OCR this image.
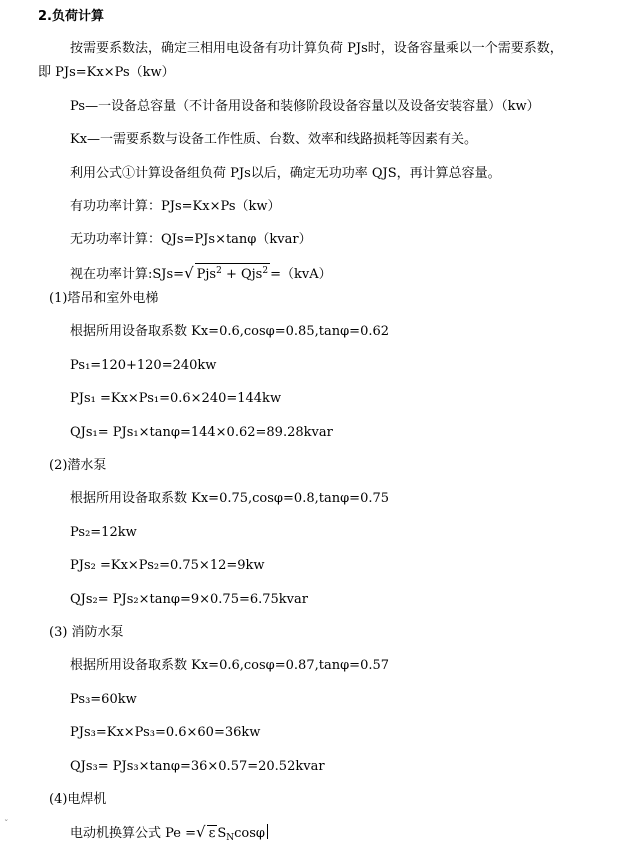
2.负荷计算
按需要系数法，确定三相用电设备有功计算负荷 PJs时，设备容量乘以一个需要系数，
即 PJs=Kx×Ps（kw）
Ps—一设备总容量（不计备用设备和装修阶段设备容量以及设备安装容量）（kw）
Kx—一需要系数与设备工作性质、台数、效率和线路损耗等因素有关。
利用公式①计算设备组负荷 PJs以后，确定无功功率 QJS，再计算总容量。
有功功率计算：PJs=Kx×Ps（kw）
无功功率计算：QJs=PJs×tanφ（kvar）
视在功率计算:SJs=√ Pjs$^2$ + Qjs$^2$ =（kvA）
(1)塔吊和室外电梯
根据所用设备取系数 Kx=0.6,cosφ=0.85,tanφ=0.62
Ps₁=120+120=240kw
PJs₁ =Kx×Ps₁=0.6×240=144kw
QJs₁= PJs₁×tanφ=144×0.62=89.28kvar
(2)潜水泵
根据所用设备取系数 Kx=0.75,cosφ=0.8,tanφ=0.75
Ps₂=12kw
PJs₂ =Kx×Ps₂=0.75×12=9kw
QJs₂= PJs₂×tanφ=9×0.75=6.75kvar
(3) 消防水泵
根据所用设备取系数 Kx=0.6,cosφ=0.87,tanφ=0.57
Ps₃=60kw
PJs₃=Kx×Ps₃=0.6×60=36kw
QJs₃= PJs₃×tanφ=36×0.57=20.52kvar
(4)电焊机
电动机换算公式 Pe =√ ε $S_N\cos\varphi$
ˇ
